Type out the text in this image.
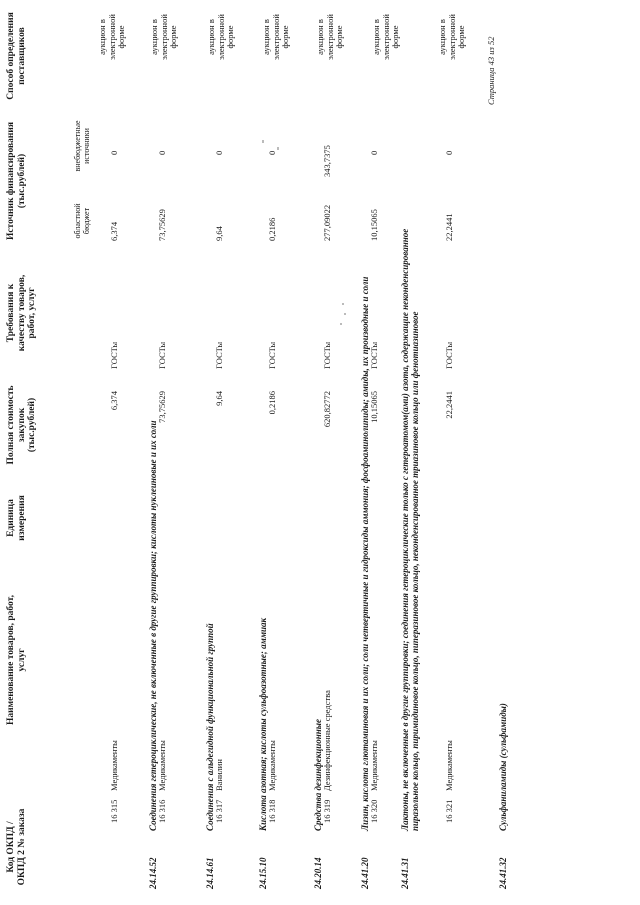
Код ОКПД / ОКПД 2 № заказа
Наименование товаров, работ, услуг
Единица измерения
Полная стоимость закупок (тыс.рублей)
Требования к качеству товаров, работ, услуг
Источник финансирования (тыс.рублей)
областной бюджет
внебюджетные источники
Способ определения поставщиков
16 315
Медикаменты
6,374
ГОСТы
6,374
0
аукцион в электронной форме
24.14.52
Соединения гетероциклические, не включенные в другие группировки; кислоты нуклеиновые и их соли 16 316
Медикаменты
73,75629
ГОСТы
73,75629
0
аукцион в электронной форме
24.14.61
Соединения с альдегидной функциональной группой 16 317
Ванилин
9,64
ГОСТы
9,64
0
аукцион в электронной форме
24.15.10
Кислота азотная; кислоты сульфоазотные; аммиак 16 318
Медикаменты
0,2186
ГОСТы
0,2186
0
аукцион в электронной форме
24.20.14
Средства дезинфекционные 16 319
Дезинфекционные средства
620,82772
ГОСТы
277,09022
343,7375
аукцион в электронной форме
24.41.20
Лизин, кислота глютаминовая и их соли; соли четвертичные и гидроксиды аммония; фосфоаминолипиды; амиды, их производные и соли 16 320
Медикаменты
10,15065
ГОСТы
10,15065
0
аукцион в электронной форме
24.41.31
Лактоны, не включенные в другие группировки; соединения гетероциклические только с гетероатомом(ами) азота, содержащие неконденсированное пиразольное кольцо, пиримидиновое кольцо, пиперазиновое кольцо, неконденсированное триазиновое кольцо или фенотиазиновое	16 321
Медикаменты
22,2441
ГОСТы
22,2441
0
аукцион в электронной форме
24.41.32
Сульфаниламиды (сульфамиды)
Страница 43 из 52
